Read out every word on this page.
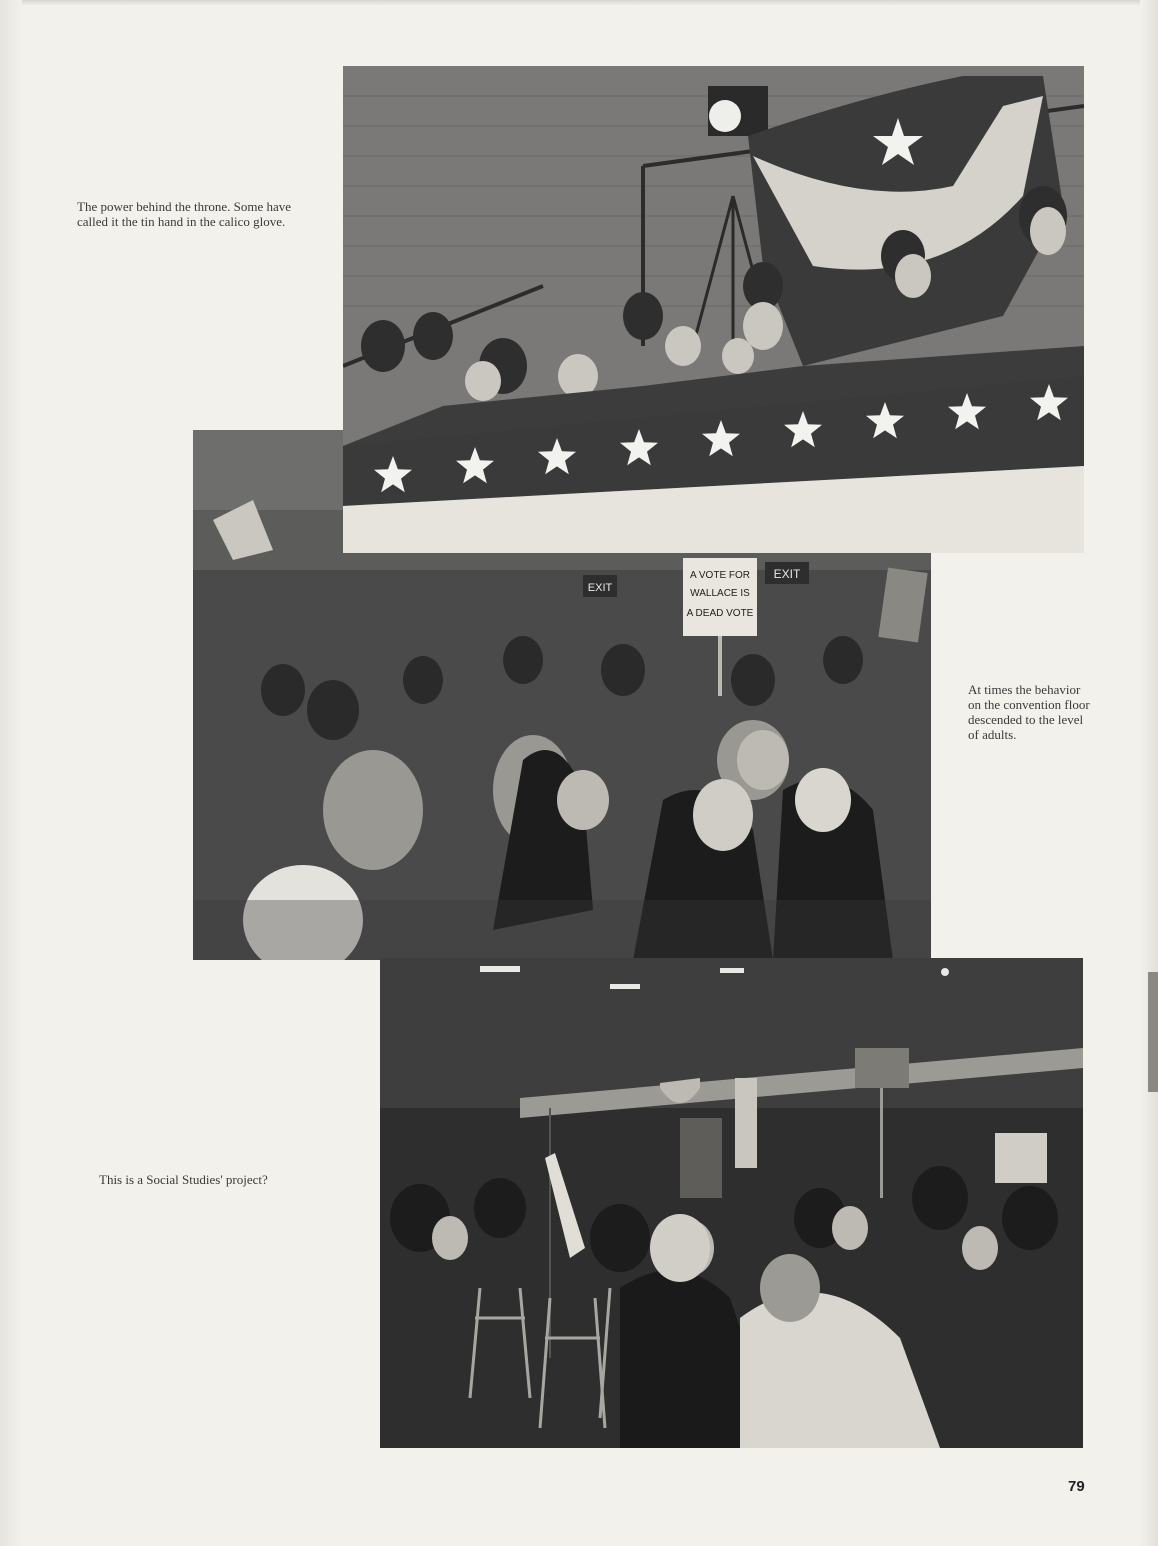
EXIT
EXIT
A VOTE FOR
WALLACE IS
A DEAD VOTE
The power behind the throne. Some have called it the tin hand in the calico glove.
At times the behavior on the convention floor descended to the level of adults.
This is a Social Studies' project?
79
